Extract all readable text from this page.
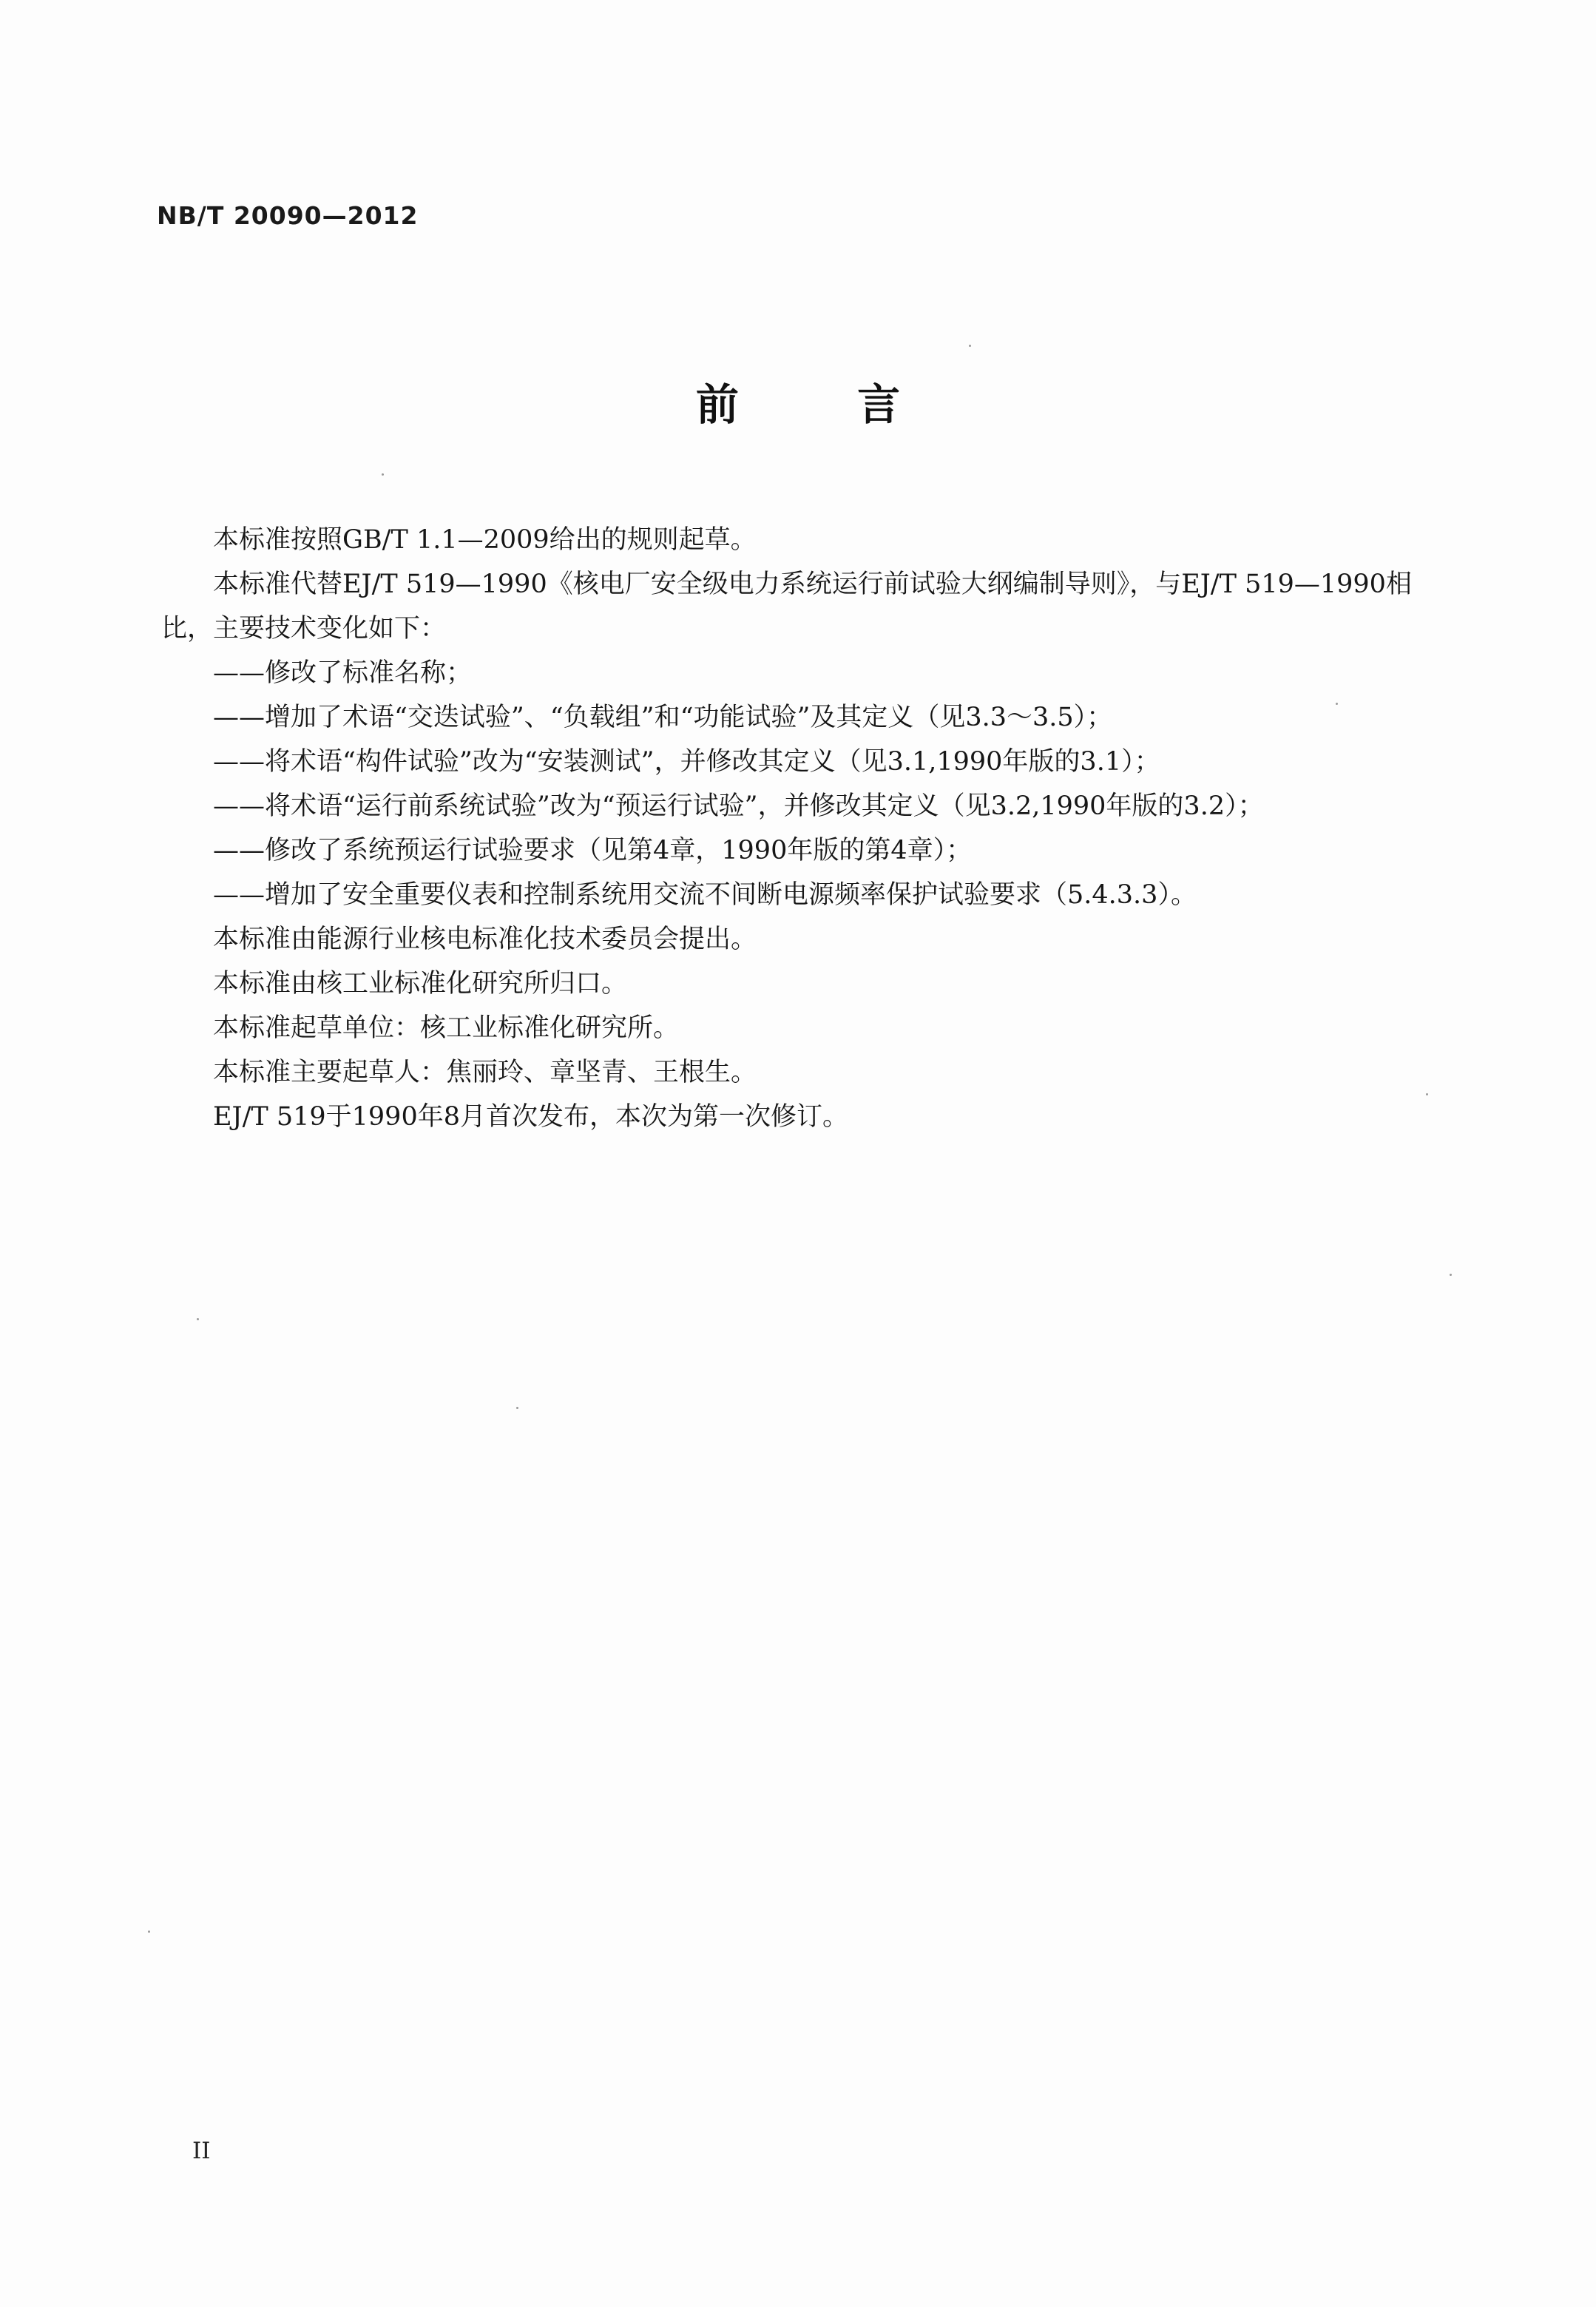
NB/T 20090—2012
前 言

本标准按照GB/T 1.1—2009给出的规则起草。

本标准代替EJ/T 519—1990《核电厂安全级电力系统运行前试验大纲编制导则》，与EJ/T 519—1990相比，主要技术变化如下：

——修改了标准名称；

——增加了术语“交迭试验”、“负载组”和“功能试验”及其定义（见3.3～3.5）；

——将术语“构件试验”改为“安装测试”，并修改其定义（见3.1,1990年版的3.1）；

——将术语“运行前系统试验”改为“预运行试验”，并修改其定义（见3.2,1990年版的3.2）；

——修改了系统预运行试验要求（见第4章，1990年版的第4章）；

——增加了安全重要仪表和控制系统用交流不间断电源频率保护试验要求（5.4.3.3）。

本标准由能源行业核电标准化技术委员会提出。

本标准由核工业标准化研究所归口。

本标准起草单位：核工业标准化研究所。

本标准主要起草人：焦丽玲、章坚青、王根生。

EJ/T 519于1990年8月首次发布，本次为第一次修订。

II
